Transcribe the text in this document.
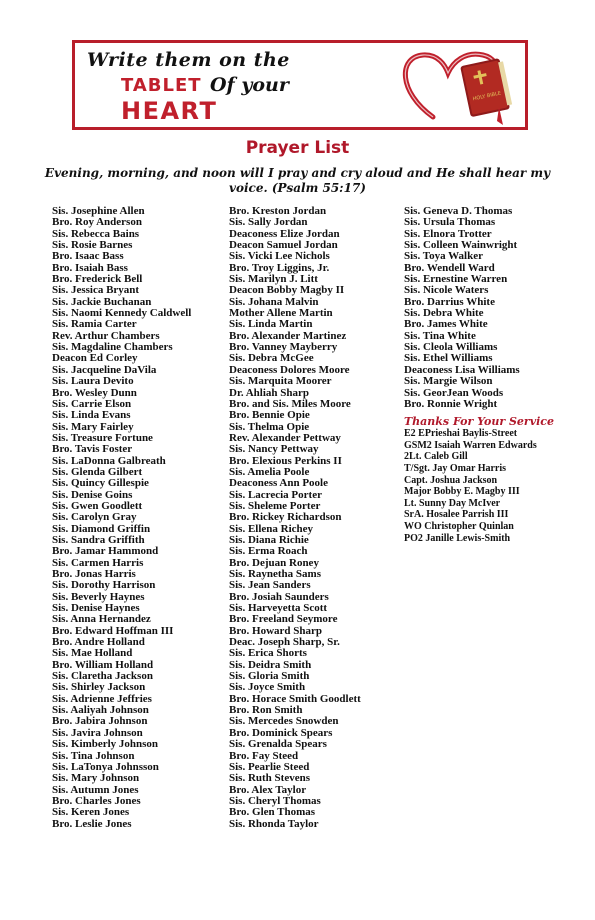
Write them on the
TABLET Of your
HEART
HOLY BIBLE
Prayer List
Evening, morning, and noon will I pray and cry aloud and He shall hear my voice. (Psalm 55:17)
Sis. Josephine Allen
Bro. Roy Anderson
Sis. Rebecca Bains
Sis. Rosie Barnes
Bro. Isaac Bass
Bro. Isaiah Bass
Bro. Frederick Bell
Sis. Jessica Bryant
Sis. Jackie Buchanan
Sis. Naomi Kennedy Caldwell
Sis. Ramia Carter
Rev. Arthur Chambers
Sis. Magdaline Chambers
Deacon Ed Corley
Sis. Jacqueline DaVila
Sis. Laura Devito
Bro. Wesley Dunn
Sis. Carrie Elson
Sis. Linda Evans
Sis. Mary Fairley
Sis. Treasure Fortune
Bro. Tavis Foster
Sis. LaDonna Galbreath
Sis. Glenda Gilbert
Sis. Quincy Gillespie
Sis. Denise Goins
Sis. Gwen Goodlett
Sis. Carolyn Gray
Sis. Diamond Griffin
Sis. Sandra Griffith
Bro. Jamar Hammond
Sis. Carmen Harris
Bro. Jonas Harris
Sis. Dorothy Harrison
Sis. Beverly Haynes
Sis. Denise Haynes
Sis. Anna Hernandez
Bro. Edward Hoffman III
Bro. Andre Holland
Sis. Mae Holland
Bro. William Holland
Sis. Claretha Jackson
Sis. Shirley Jackson
Sis. Adrienne Jeffries
Sis. Aaliyah Johnson
Bro. Jabira Johnson
Sis. Javira Johnson
Sis. Kimberly Johnson
Sis. Tina Johnson
Sis. LaTonya Johnsson
Sis. Mary Johnson
Sis. Autumn Jones
Bro. Charles Jones
Sis. Keren Jones
Bro. Leslie Jones
Bro. Kreston Jordan
Sis. Sally Jordan
Deaconess Elize Jordan
Deacon Samuel Jordan
Sis. Vicki Lee Nichols
Bro. Troy Liggins, Jr.
Sis. Marilyn J. Litt
Deacon Bobby Magby II
Sis. Johana Malvin
Mother Allene Martin
Sis. Linda Martin
Bro. Alexander Martinez
Bro. Vanney Mayberry
Sis. Debra McGee
Deaconess Dolores Moore
Sis. Marquita Moorer
Dr. Ahliah Sharp
Bro. and Sis. Miles Moore
Bro. Bennie Opie
Sis. Thelma Opie
Rev. Alexander Pettway
Sis. Nancy Pettway
Bro. Elexious Perkins II
Sis. Amelia Poole
Deaconess Ann Poole
Sis. Lacrecia Porter
Sis. Sheleme Porter
Bro. Rickey Richardson
Sis. Ellena Richey
Sis. Diana Richie
Sis. Erma Roach
Bro. Dejuan Roney
Sis. Raynetha Sams
Sis. Jean Sanders
Bro. Josiah Saunders
Sis. Harveyetta Scott
Bro. Freeland Seymore
Bro. Howard Sharp
Deac. Joseph Sharp, Sr.
Sis. Erica Shorts
Sis. Deidra Smith
Sis. Gloria Smith
Sis. Joyce Smith
Bro. Horace Smith Goodlett
Bro. Ron Smith
Sis. Mercedes Snowden
Bro. Dominick Spears
Sis. Grenalda Spears
Bro. Fay Steed
Sis. Pearlie Steed
Sis. Ruth Stevens
Bro. Alex Taylor
Sis. Cheryl Thomas
Bro. Glen Thomas
Sis. Rhonda Taylor
Sis. Geneva D. Thomas
Sis. Ursula Thomas
Sis. Elnora Trotter
Sis. Colleen Wainwright
Sis. Toya Walker
Bro. Wendell Ward
Sis. Ernestine Warren
Sis. Nicole Waters
Bro. Darrius White
Sis. Debra White
Bro. James White
Sis. Tina White
Sis. Cleola Williams
Sis. Ethel Williams
Deaconess Lisa Williams
Sis. Margie Wilson
Sis. GeorJean Woods
Bro. Ronnie Wright
Thanks For Your Service
E2 EPrieshai Baylis-Street
GSM2 Isaiah Warren Edwards
2Lt. Caleb Gill
T/Sgt. Jay Omar Harris
Capt. Joshua Jackson
Major Bobby E. Magby III
Lt. Sunny Day McIver
SrA. Hosalee Parrish III
WO Christopher Quinlan
PO2 Janille Lewis-Smith
